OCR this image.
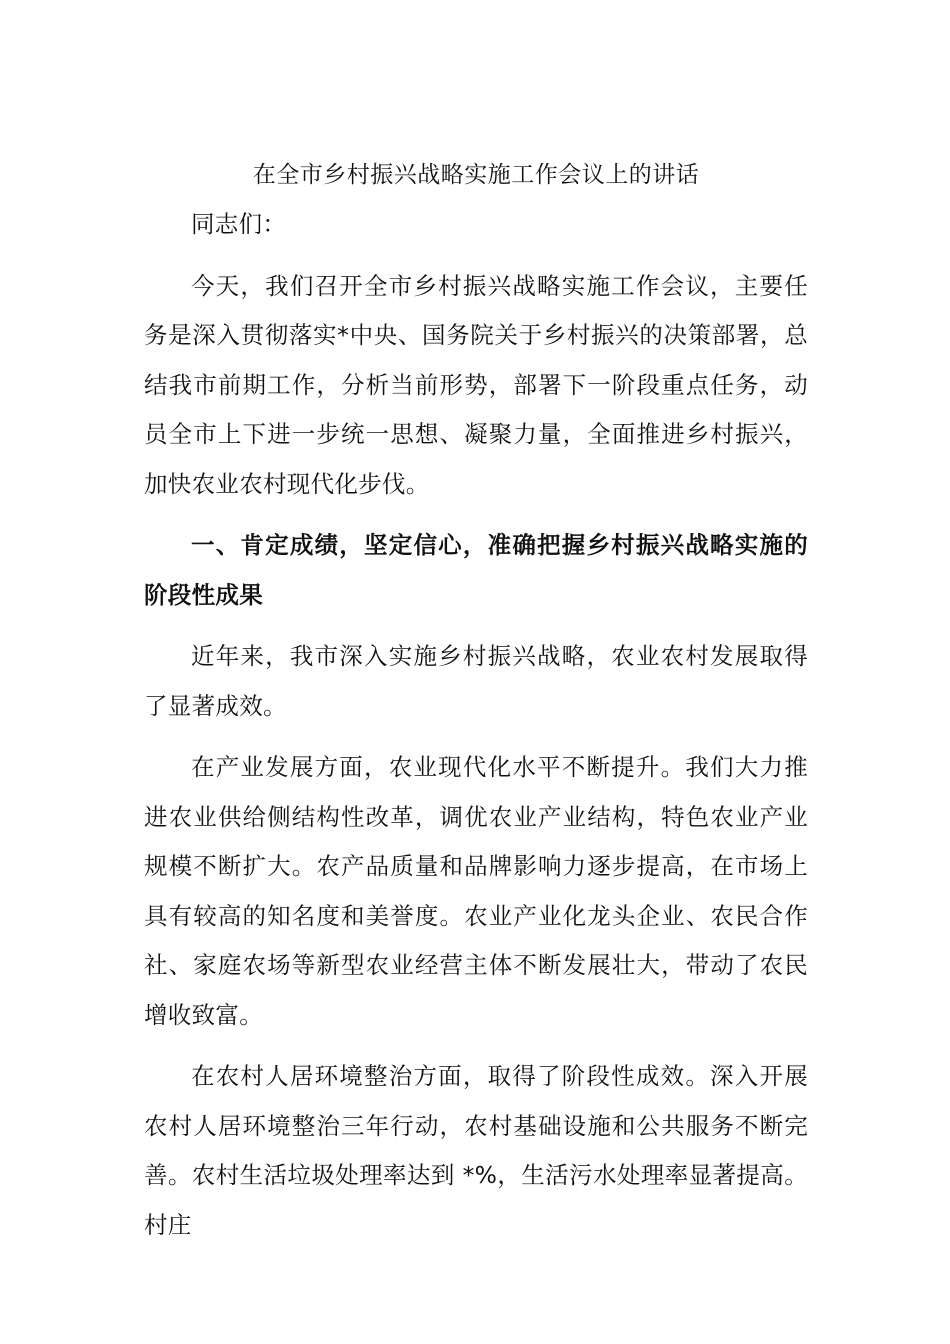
在全市乡村振兴战略实施工作会议上的讲话

同志们：

今天，我们召开全市乡村振兴战略实施工作会议，主要任务是深入贯彻落实*中央、国务院关于乡村振兴的决策部署，总结我市前期工作，分析当前形势，部署下一阶段重点任务，动员全市上下进一步统一思想、凝聚力量，全面推进乡村振兴，加快农业农村现代化步伐。

一、肯定成绩，坚定信心，准确把握乡村振兴战略实施的阶段性成果

近年来，我市深入实施乡村振兴战略，农业农村发展取得了显著成效。

在产业发展方面，农业现代化水平不断提升。我们大力推进农业供给侧结构性改革，调优农业产业结构，特色农业产业规模不断扩大。农产品质量和品牌影响力逐步提高，在市场上具有较高的知名度和美誉度。农业产业化龙头企业、农民合作社、家庭农场等新型农业经营主体不断发展壮大，带动了农民增收致富。

在农村人居环境整治方面，取得了阶段性成效。深入开展农村人居环境整治三年行动，农村基础设施和公共服务不断完善。农村生活垃圾处理率达到 *%，生活污水处理率显著提高。村庄
